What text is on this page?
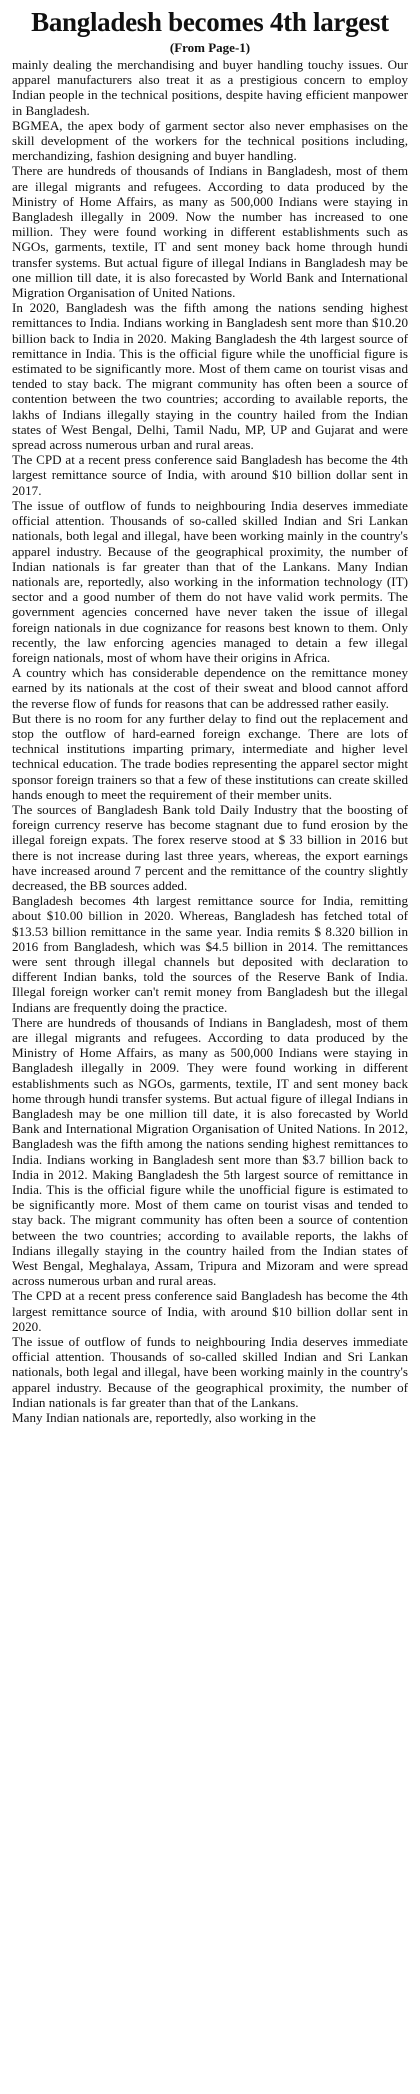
Bangladesh becomes 4th largest
(From Page-1)

mainly dealing the merchandising and buyer handling touchy issues. Our apparel manufacturers also treat it as a prestigious concern to employ Indian people in the technical positions, despite having efficient manpower in Bangladesh.

BGMEA, the apex body of garment sector also never emphasises on the skill development of the workers for the technical positions including, merchandizing, fashion designing and buyer handling.

There are hundreds of thousands of Indians in Bangladesh, most of them are illegal migrants and refugees. According to data produced by the Ministry of Home Affairs, as many as 500,000 Indians were staying in Bangladesh illegally in 2009. Now the number has increased to one million. They were found working in different establishments such as NGOs, garments, textile, IT and sent money back home through hundi transfer systems. But actual figure of illegal Indians in Bangladesh may be one million till date, it is also forecasted by World Bank and International Migration Organisation of United Nations.

In 2020, Bangladesh was the fifth among the nations sending highest remittances to India. Indians working in Bangladesh sent more than $10.20 billion back to India in 2020. Making Bangladesh the 4th largest source of remittance in India. This is the official figure while the unofficial figure is estimated to be significantly more. Most of them came on tourist visas and tended to stay back. The migrant community has often been a source of contention between the two countries; according to available reports, the lakhs of Indians illegally staying in the country hailed from the Indian states of West Bengal, Delhi, Tamil Nadu, MP, UP and Gujarat and were spread across numerous urban and rural areas.

The CPD at a recent press conference said Bangladesh has become the 4th largest remittance source of India, with around $10 billion dollar sent in 2017.

The issue of outflow of funds to neighbouring India deserves immediate official attention. Thousands of so-called skilled Indian and Sri Lankan nationals, both legal and illegal, have been working mainly in the country's apparel industry. Because of the geographical proximity, the number of Indian nationals is far greater than that of the Lankans. Many Indian nationals are, reportedly, also working in the information technology (IT) sector and a good number of them do not have valid work permits. The government agencies concerned have never taken the issue of illegal foreign nationals in due cognizance for reasons best known to them. Only recently, the law enforcing agencies managed to detain a few illegal foreign nationals, most of whom have their origins in Africa.

A country which has considerable dependence on the remittance money earned by its nationals at the cost of their sweat and blood cannot afford the reverse flow of funds for reasons that can be addressed rather easily.

But there is no room for any further delay to find out the replacement and stop the outflow of hard-earned foreign exchange. There are lots of technical institutions imparting primary, intermediate and higher level technical education. The trade bodies representing the apparel sector might sponsor foreign trainers so that a few of these institutions can create skilled hands enough to meet the requirement of their member units.

The sources of Bangladesh Bank told Daily Industry that the boosting of foreign currency reserve has become stagnant due to fund erosion by the illegal foreign expats. The forex reserve stood at $ 33 billion in 2016 but there is not increase during last three years, whereas, the export earnings have increased around 7 percent and the remittance of the country slightly decreased, the BB sources added.

Bangladesh becomes 4th largest remittance source for India, remitting about $10.00 billion in 2020. Whereas, Bangladesh has fetched total of $13.53 billion remittance in the same year. India remits $ 8.320 billion in 2016 from Bangladesh, which was $4.5 billion in 2014. The remittances were sent through illegal channels but deposited with declaration to different Indian banks, told the sources of the Reserve Bank of India. Illegal foreign worker can't remit money from Bangladesh but the illegal Indians are frequently doing the practice.

There are hundreds of thousands of Indians in Bangladesh, most of them are illegal migrants and refugees. According to data produced by the Ministry of Home Affairs, as many as 500,000 Indians were staying in Bangladesh illegally in 2009. They were found working in different establishments such as NGOs, garments, textile, IT and sent money back home through hundi transfer systems. But actual figure of illegal Indians in Bangladesh may be one million till date, it is also forecasted by World Bank and International Migration Organisation of United Nations. In 2012, Bangladesh was the fifth among the nations sending highest remittances to India. Indians working in Bangladesh sent more than $3.7 billion back to India in 2012. Making Bangladesh the 5th largest source of remittance in India. This is the official figure while the unofficial figure is estimated to be significantly more. Most of them came on tourist visas and tended to stay back. The migrant community has often been a source of contention between the two countries; according to available reports, the lakhs of Indians illegally staying in the country hailed from the Indian states of West Bengal, Meghalaya, Assam, Tripura and Mizoram and were spread across numerous urban and rural areas.

The CPD at a recent press conference said Bangladesh has become the 4th largest remittance source of India, with around $10 billion dollar sent in 2020.

The issue of outflow of funds to neighbouring India deserves immediate official attention. Thousands of so-called skilled Indian and Sri Lankan nationals, both legal and illegal, have been working mainly in the country's apparel industry. Because of the geographical proximity, the number of Indian nationals is far greater than that of the Lankans.

Many Indian nationals are, reportedly, also working in the
